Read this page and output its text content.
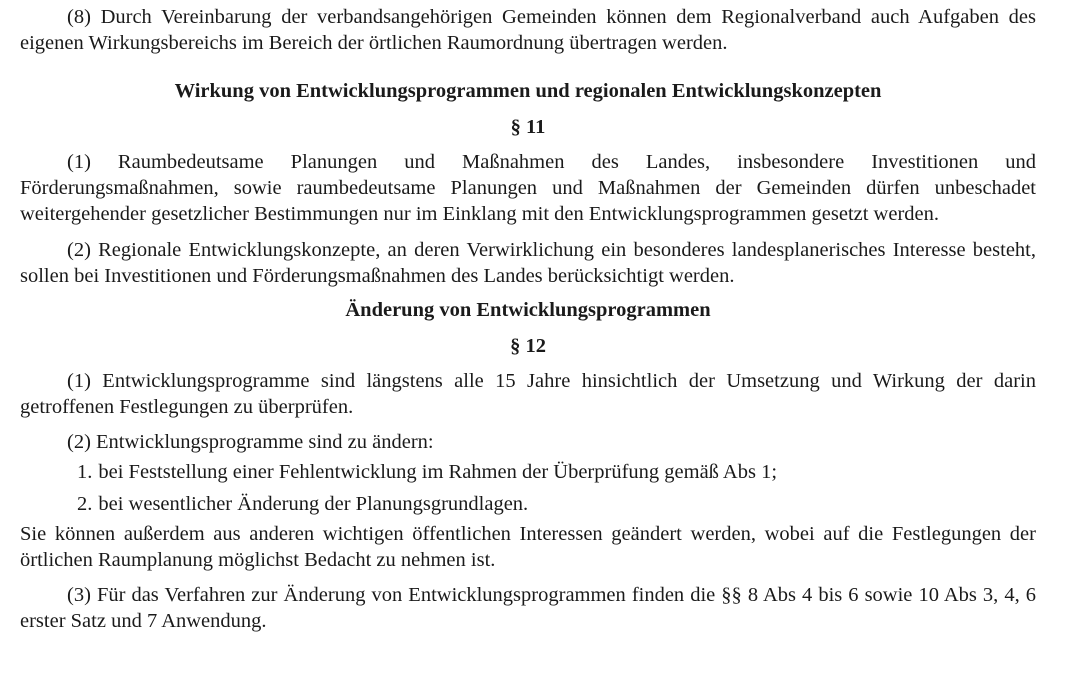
(8) Durch Vereinbarung der verbandsangehörigen Gemeinden können dem Regionalverband auch Aufgaben des eigenen Wirkungsbereichs im Bereich der örtlichen Raumordnung übertragen werden.

Wirkung von Entwicklungsprogrammen und regionalen Entwicklungskonzepten
§ 11

(1) Raumbedeutsame Planungen und Maßnahmen des Landes, insbesondere Investitionen und Förderungsmaßnahmen, sowie raumbedeutsame Planungen und Maßnahmen der Gemeinden dürfen unbeschadet weitergehender gesetzlicher Bestimmungen nur im Einklang mit den Entwicklungsprogrammen gesetzt werden.

(2) Regionale Entwicklungskonzepte, an deren Verwirklichung ein besonderes landesplanerisches Interesse besteht, sollen bei Investitionen und Förderungsmaßnahmen des Landes berücksichtigt werden.

Änderung von Entwicklungsprogrammen
§ 12

(1) Entwicklungsprogramme sind längstens alle 15 Jahre hinsichtlich der Umsetzung und Wirkung der darin getroffenen Festlegungen zu überprüfen.

(2) Entwicklungsprogramme sind zu ändern:

1. bei Feststellung einer Fehlentwicklung im Rahmen der Überprüfung gemäß Abs 1;
2. bei wesentlicher Änderung der Planungsgrundlagen.

Sie können außerdem aus anderen wichtigen öffentlichen Interessen geändert werden, wobei auf die Festlegungen der örtlichen Raumplanung möglichst Bedacht zu nehmen ist.

(3) Für das Verfahren zur Änderung von Entwicklungsprogrammen finden die §§ 8 Abs 4 bis 6 sowie 10 Abs 3, 4, 6 erster Satz und 7 Anwendung.
